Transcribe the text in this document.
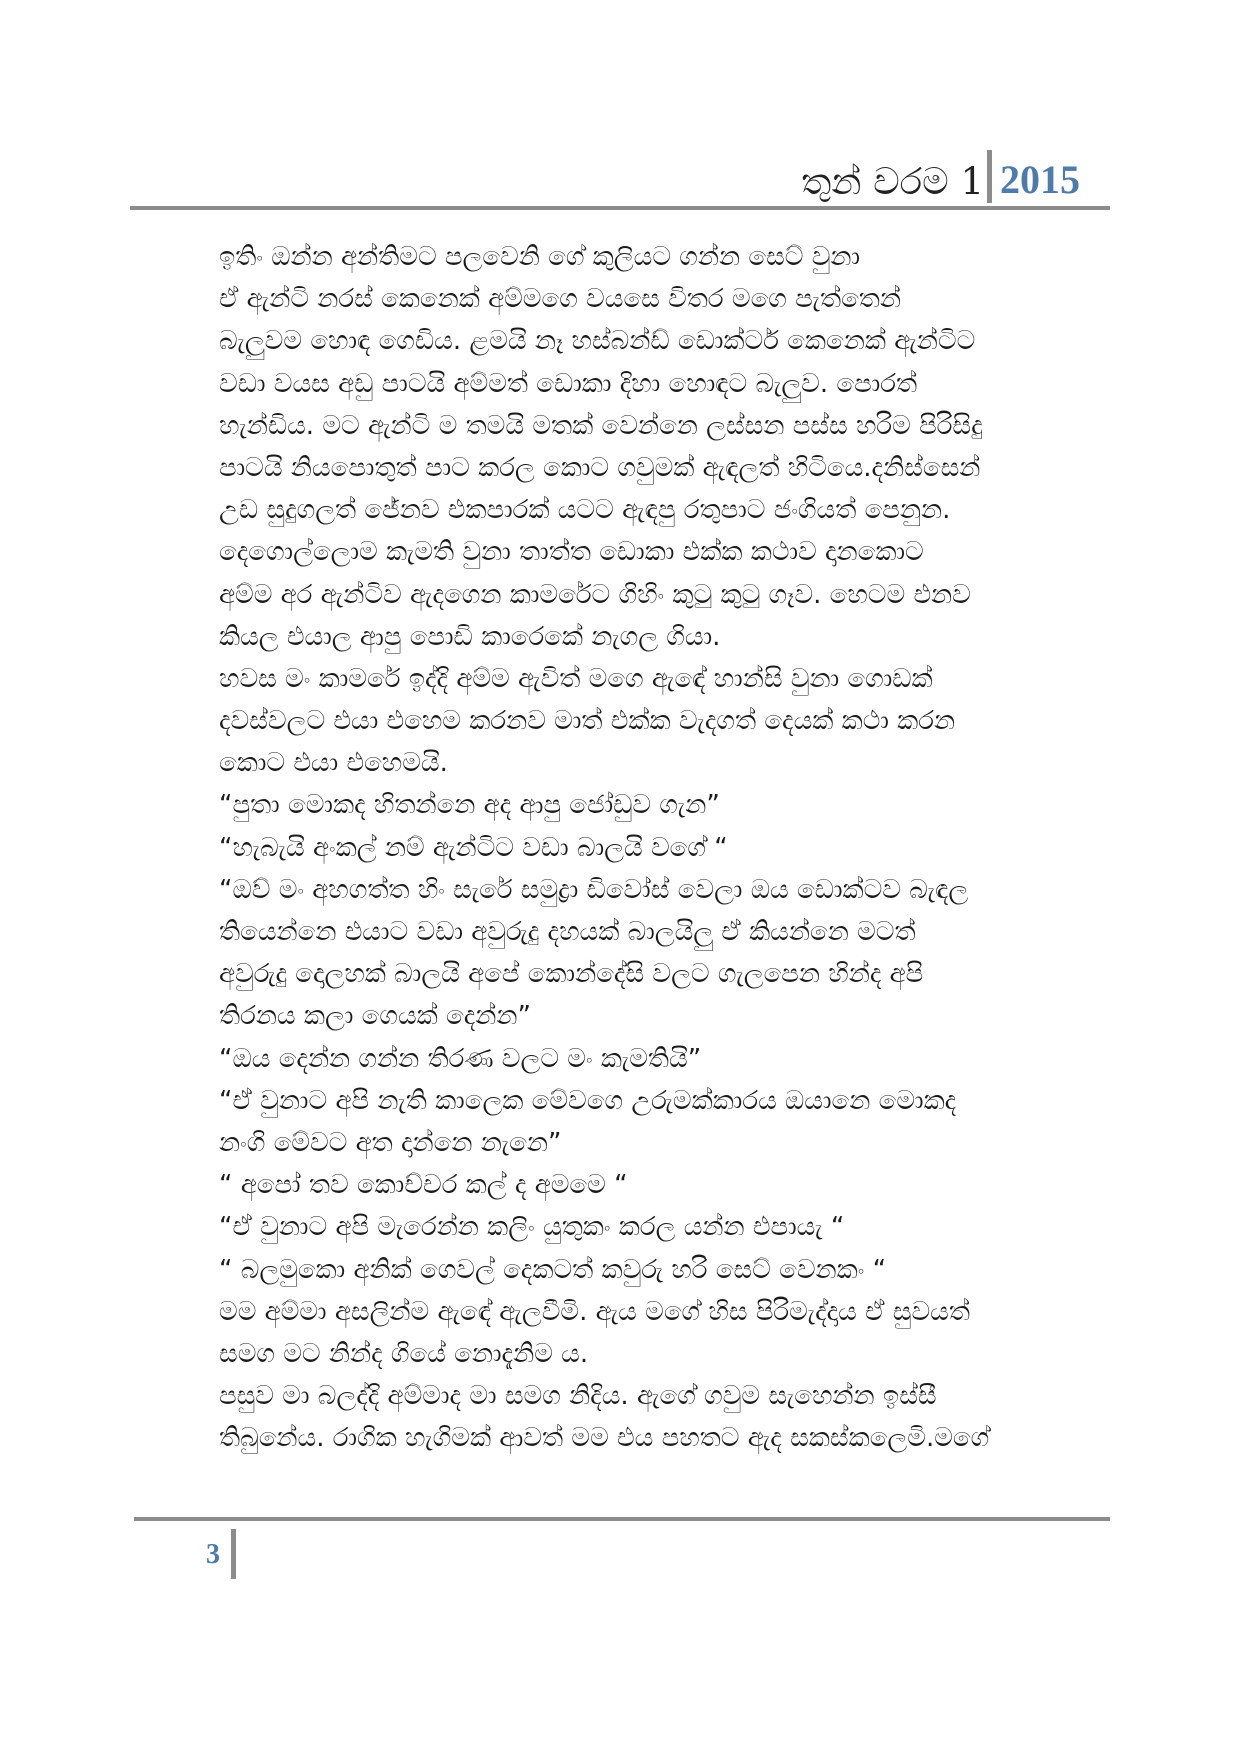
තුන් වරම 1 2015
ඉතිං ඔන්න අන්තිමට පලවෙනි ගේ කුලියට ගන්න සෙට් වුනා
ඒ ඇන්ටි නරස් කෙනෙක් අම්මගෙ වයසෙ විතර මගෙ පැත්තෙන්
බැලුවම හොඳ ගෙඩිය. ළමයි නෑ හස්බන්ඩ් ඩොක්ටර් කෙනෙක් ඇන්ටිට
වඩා වයස අඩු පාටයි අම්මත් ඩොකා දිහා හොඳට බැලුව. පොරත්
හැන්ඩිය. මට ඇන්ටි ම තමයි මතක් වෙන්නෙ ලස්සන පස්ස හරිම පිරිසිදු
පාටයි නියපොතුත් පාට කරල කොට ගවුමක් ඇඳලත් හිටියෙ.දනිස්සෙන්
උඩ සුදුගලත් ජේනව එකපාරක් යටට ඇඳපු රතුපාට ජංගියත් පෙනුන.
දෙගොල්ලොම කැමති වුනා තාත්ත ඩොකා එක්ක කථාව දානකොට
අම්ම අර ඇන්ටිව ඇදගෙන කාමරේට ගිහිං කුටු කුටු ගෑව. හෙටම එනව
කියල එයාල ආපු පොඩි කාරෙකේ නැගල ගියා.
හවස මං කාමරේ ඉද්දි අම්ම ඇවිත් මගෙ ඇඳේ හාන්සි වුනා ගොඩක්
දවස්වලට එයා එහෙම කරනව මාත් එක්ක වැදගත් දෙයක් කථා කරන
කොට එයා එහෙමයි.
“පුතා මොකද හිතන්නෙ අද ආපු ජෝඩුව ගැන”
“හැබැයි අංකල් නම් ඇන්ටිට වඩා බාලයි වගේ “
“ඔව් මං අහගත්ත හිං සැරේ සමුද්‍රා ඩිවෝස් වෙලා ඔය ඩොක්ටව බැඳල
තියෙන්නෙ එයාට වඩා අවුරුදු දහයක් බාලයිලු ඒ කියන්නෙ මටත්
අවුරුදු දොලහක් බාලයි අපේ කොන්දේසි වලට ගැලපෙන හින්ද අපි
තිරනය කලා ගෙයක් දෙන්න”
“ඔය දෙන්න ගන්න තිරණ වලට මං කැමතියි”
“ඒ වුනාට අපි නැති කාලෙක මේවගෙ උරුමක්කාරය ඔයානෙ මොකද
නංගි මේවට අත දාන්නෙ නැනෙ”
“ අපෝ තව කොච්චර කල් ද අමමෙ “
“ඒ වුනාට අපි මැරෙන්න කලිං යුතුකං කරල යන්න එපායැ “
“ බලමුකො අනික් ගෙවල් දෙකටත් කවුරු හරි සෙට් වෙනකං “
මම අම්මා අසලින්ම ඇඳේ ඇලවීමි. ඇය මගේ හිස පිරිමැද්දාය ඒ සුවයත්
සමග මට නින්ද ගියේ නොදැනිම ය.
පසුව මා බලද්දි අම්මාද මා සමග නිදිය. ඇගේ ගවුම සැහෙන්න ඉස්සී
තිබුනේය. රාගික හැගිමක් ආවත් මම එය පහතට ඇද සකස්කලෙමි.මගේ
3
